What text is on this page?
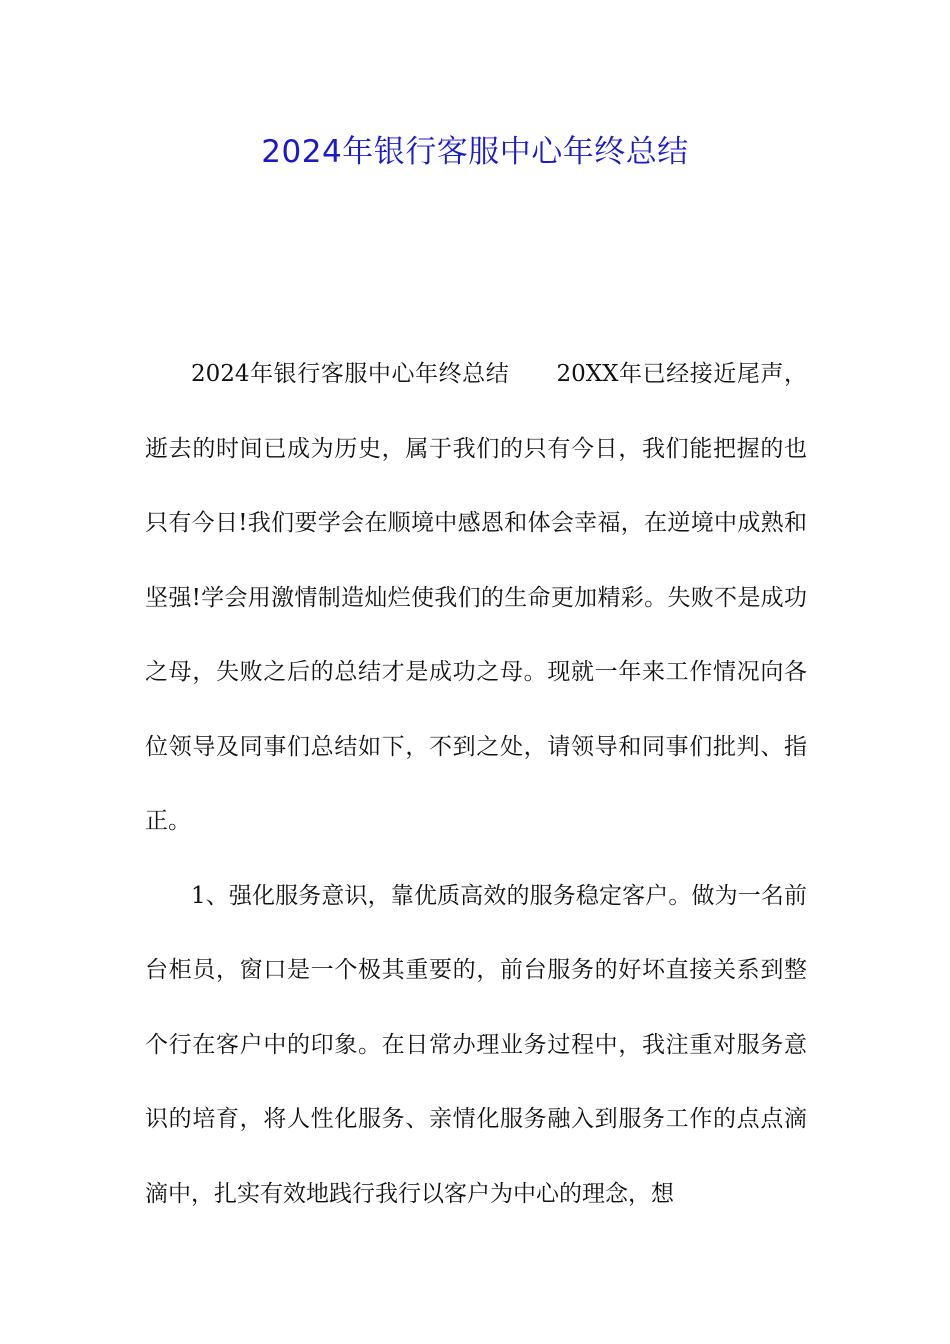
2024年银行客服中心年终总结

2024年银行客服中心年终总结　　20XX年已经接近尾声，逝去的时间已成为历史，属于我们的只有今日，我们能把握的也只有今日!我们要学会在顺境中感恩和体会幸福，在逆境中成熟和坚强!学会用激情制造灿烂使我们的生命更加精彩。失败不是成功之母，失败之后的总结才是成功之母。现就一年来工作情况向各位领导及同事们总结如下，不到之处，请领导和同事们批判、指正。

1、强化服务意识，靠优质高效的服务稳定客户。做为一名前台柜员，窗口是一个极其重要的，前台服务的好坏直接关系到整个行在客户中的印象。在日常办理业务过程中，我注重对服务意识的培育，将人性化服务、亲情化服务融入到服务工作的点点滴滴中，扎实有效地践行我行以客户为中心的理念，想
